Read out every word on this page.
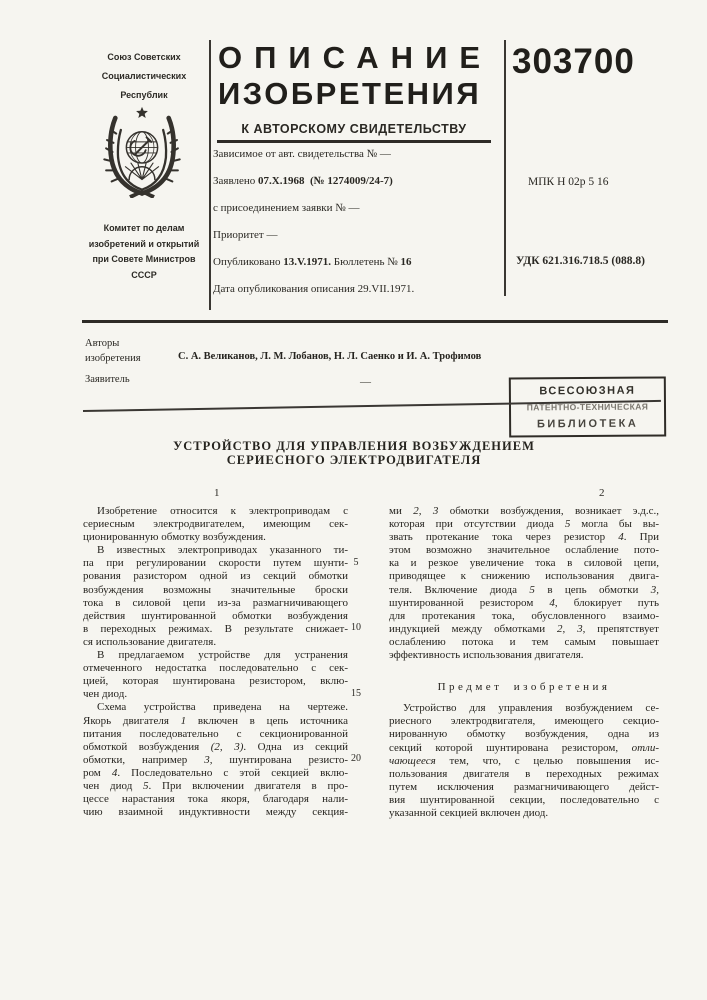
Союз Советских
Социалистических
Республик
Комитет по делам
изобретений и открытий
при Совете Министров
СССР
ОПИСАНИЕ
ИЗОБРЕТЕНИЯ
К АВТОРСКОМУ СВИДЕТЕЛЬСТВУ
303700
Зависимое от авт. свидетельства № —
Заявлено 07.X.1968 (№ 1274009/24-7)
с присоединением заявки № —
Приоритет —
Опубликовано 13.V.1971. Бюллетень № 16
Дата опубликования описания 29.VII.1971.
МПК Н 02р 5 16
УДК 621.316.718.5 (088.8)
Авторы
изобретения	С. А. Великанов, Л. М. Лобанов, Н. Л. Саенко и И. А. Трофимов
Заявитель	—
ВСЕСОЮЗНАЯ
ПАТЕНТНО-ТЕХНИЧЕСКАЯ
БИБЛИОТЕКА
УСТРОЙСТВО ДЛЯ УПРАВЛЕНИЯ ВОЗБУЖДЕНИЕМ
СЕРИЕСНОГО ЭЛЕКТРОДВИГАТЕЛЯ
1	2
5
10
15
20
Изобретение относится к электроприводам с
сериесным электродвигателем, имеющим сек-
ционированную обмотку возбуждения.
В известных электроприводах указанного ти-
па при регулировании скорости путем шунти-
рования разистором одной из секций обмотки
возбуждения возможны значительные броски
тока в силовой цепи из-за размагничивающего
действия шунтированной обмотки возбуждения
в переходных режимах. В результате снижает-
ся использование двигателя.
В предлагаемом устройстве для устранения
отмеченного недостатка последовательно с сек-
цией, которая шунтирована резистором, вклю-
чен диод.
Схема устройства приведена на чертеже.
Якорь двигателя 1 включен в цепь источника
питания последовательно с секционированной
обмоткой возбуждения (2, 3). Одна из секций
обмотки, например 3, шунтирована резисто-
ром 4. Последовательно с этой секцией вклю-
чен диод 5. При включении двигателя в про-
цессе нарастания тока якоря, благодаря нали-
чию взаимной индуктивности между секция-
ми 2, 3 обмотки возбуждения, возникает э.д.с.,
которая при отсутствии диода 5 могла бы вы-
звать протекание тока через резистор 4. При
этом возможно значительное ослабление пото-
ка и резкое увеличение тока в силовой цепи,
приводящее к снижению использования двига-
теля. Включение диода 5 в цепь обмотки 3,
шунтированной резистором 4, блокирует путь
для протекания тока, обусловленного взаимо-
индукцией между обмотками 2, 3, препятствует
ослаблению потока и тем самым повышает
эффективность использования двигателя.
Предмет изобретения
Устройство для управления возбуждением се-
риесного электродвигателя, имеющего секцио-
нированную обмотку возбуждения, одна из
секций которой шунтирована резистором, отли-
чающееся тем, что, с целью повышения ис-
пользования двигателя в переходных режимах
путем исключения размагничивающего дейст-
вия шунтированной секции, последовательно с
указанной секцией включен диод.
